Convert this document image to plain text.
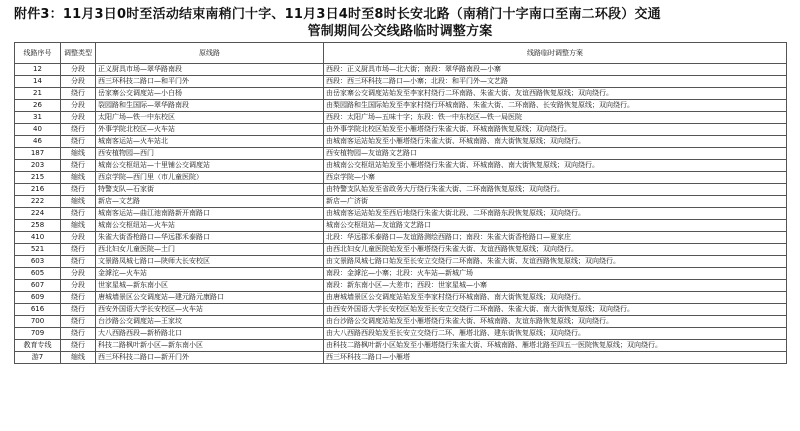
附件3：11月3日0时至活动结束南稍门十字、11月3日4时至8时长安北路（南稍门十字南口至南二环段）交通
管制期间公交线路临时调整方案
线路序号	调整类型	原线路	线路临时调整方案
12	分段	正义厨具市场—翠华路南段	西段：正义厨具市场—北大街；南段：翠华路南段—小寨
14	分段	西三环科技二路口—和平门外	西段：西三环科技二路口—小寨；北段：和平门外—文艺路
21	绕行	岳家寨公交调度站—小白杨	由岳家寨公交调度站始发至李家村绕行二环南路、朱雀大街、友谊西路恢复原线；双向绕行。
26	分段	裂园路和生国际—翠华路南段	由梨园路和生国际始发至李家村绕行环城南路、朱雀大街、二环南路、长安路恢复原线；双向绕行。
31	分段	太阳广场—铁一中东校区	西段：太阳广场—五味十字；东段：铁一中东校区—铁一局医院
40	绕行	外事学院北校区—火车站	由外事学院北校区始发至小雁塔绕行朱雀大街、环城南路恢复原线；双向绕行。
46	绕行	城南客运站—火车站北	由城南客运站始发至小雁塔绕行朱雀大街、环城南路、南大街恢复原线；双向绕行。
187	缩线	西安植物园—西门	西安植物园—友谊路文艺路口
203	绕行	城南公交枢纽站—十里铺公交调度站	由城南公交枢纽站始发至小雁塔绕行朱雀大街、环城南路、南大街恢复原线；双向绕行。
215	缩线	西京学院—西门里（市儿童医院）	西京学院—小寨
216	绕行	特警支队—石家街	由特警支队始发至省政务大厅绕行朱雀大街、二环南路恢复原线；双向绕行。
222	缩线	新店—文艺路	新店—广济街
224	绕行	城南客运站—曲江池南路新开南路口	由城南客运站始发至西后地绕行朱雀大街北段、二环南路东段恢复原线；双向绕行。
258	缩线	城南公交枢纽站—火车站	城南公交枢纽站—友谊路文艺路口
410	分段	朱雀大街香枪路口—华远郡禾泰路口	北段：华远郡禾泰路口—友谊路测绘西路口；南段：朱雀大街香枪路口—夏家庄
521	绕行	西北妇女儿童医院—土门	由西北妇女儿童医院始发至小雁塔绕行朱雀大街、友谊西路恢复原线；双向绕行。
603	绕行	文景路凤城七路口—陕师大长安校区	由文景路凤城七路口始发至长安立交绕行二环南路、朱雀大街、友谊西路恢复原线；双向绕行。
605	分段	金滹沱—火车站	南段：金滹沱—小寨；北段：火车站—新城广场
607	分段	世家星城—新东南小区	南段：新东南小区—大差市；西段：世家星城—小寨
609	绕行	唐城墙景区公交调度站—建元路元康路口	由唐城墙景区公交调度站始发至李家村绕行环城南路、南大街恢复原线；双向绕行。
616	绕行	西安外国语大学长安校区—火车站	由西安外国语大学长安校区始发至长安立交绕行二环南路、朱雀大街、南大街恢复原线；双向绕行。
700	绕行	台沙路公交调度站—王家坟	由台沙路公交调度站始发至小雁塔绕行朱雀大街、环城南路、友谊东路恢复原线；双向绕行。
709	绕行	大八西路西段—新桥路北口	由大八西路西段始发至长安立交绕行二环、雁塔北路、建东街恢复原线；双向绕行。
教育专线	绕行	科技二路枫叶新小区—新东南小区	由科技二路枫叶新小区始发至小雁塔绕行朱雀大街、环城南路、雁塔北路至四五一医院恢复原线；双向绕行。
游7	缩线	西三环科技二路口—新开门外	西三环科技二路口—小雁塔
